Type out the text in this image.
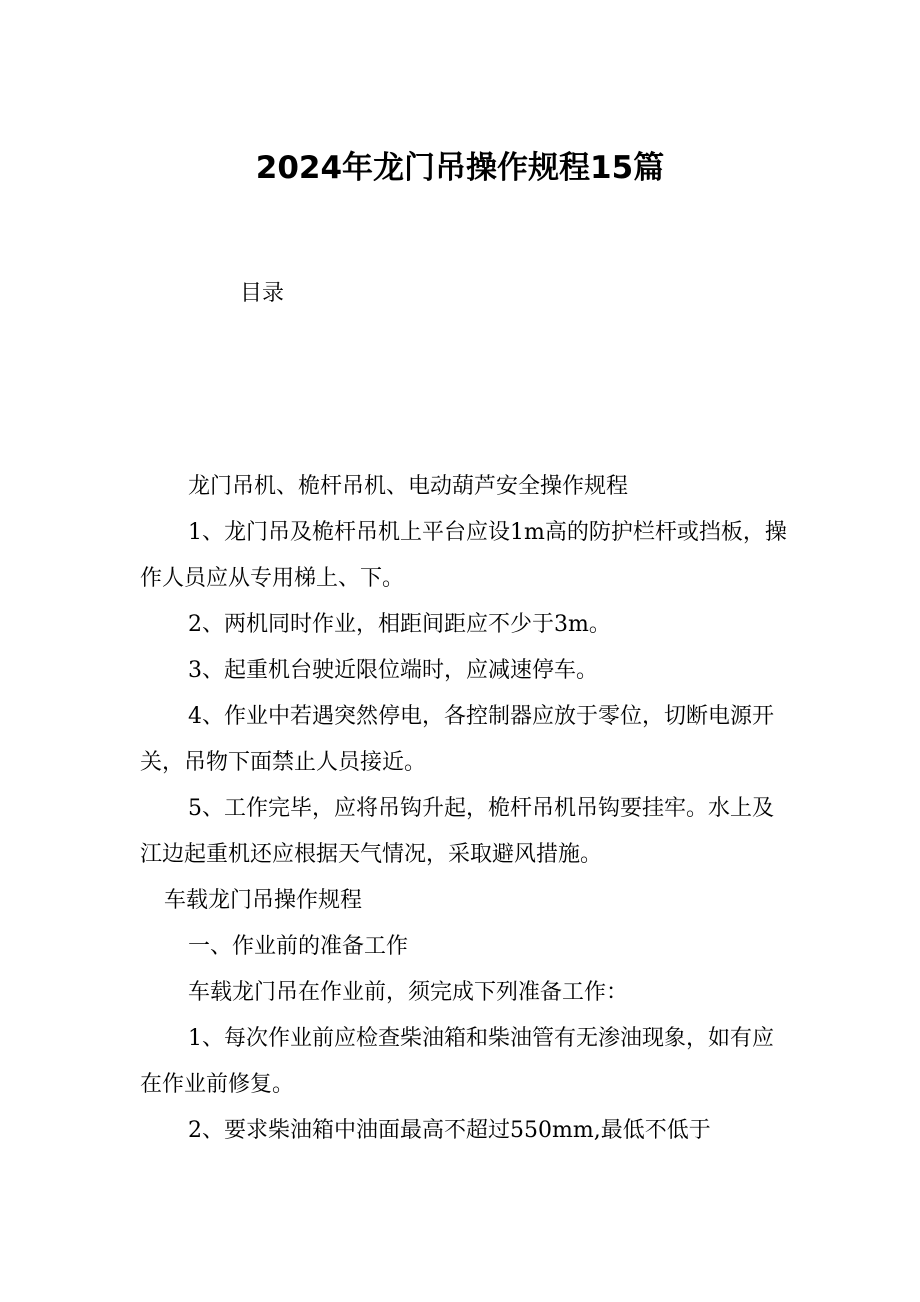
2024年龙门吊操作规程15篇
目录

龙门吊机、桅杆吊机、电动葫芦安全操作规程

1、龙门吊及桅杆吊机上平台应设1m高的防护栏杆或挡板，操作人员应从专用梯上、下。

2、两机同时作业，相距间距应不少于3m。

3、起重机台驶近限位端时，应减速停车。

4、作业中若遇突然停电，各控制器应放于零位，切断电源开关，吊物下面禁止人员接近。

5、工作完毕，应将吊钩升起，桅杆吊机吊钩要挂牢。水上及江边起重机还应根据天气情况，采取避风措施。

车载龙门吊操作规程

一、作业前的准备工作

车载龙门吊在作业前，须完成下列准备工作：

1、每次作业前应检查柴油箱和柴油管有无渗油现象，如有应在作业前修复。

2、要求柴油箱中油面最高不超过550mm,最低不低于
